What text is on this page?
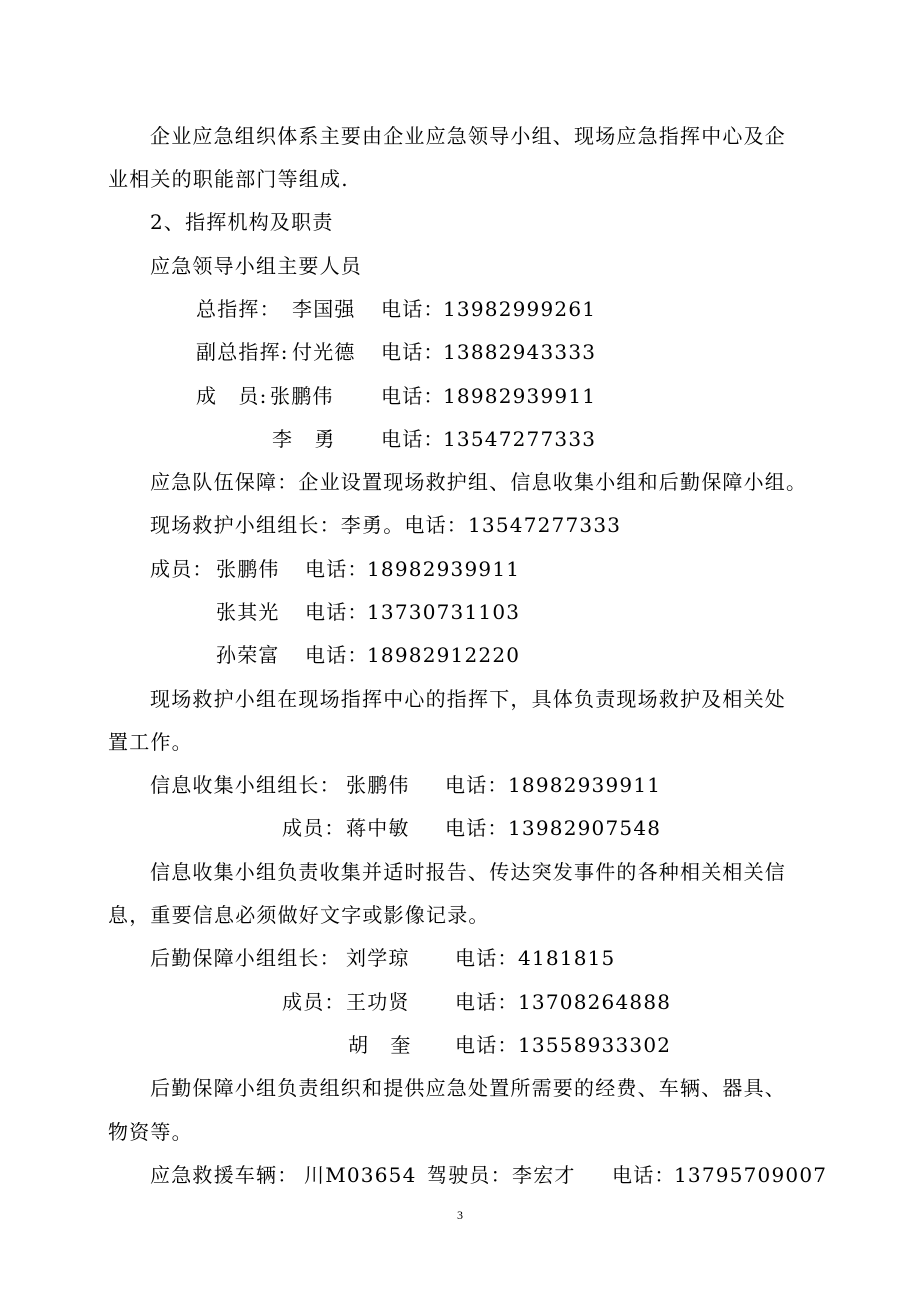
企业应急组织体系主要由企业应急领导小组、现场应急指挥中心及企
业相关的职能部门等组成.
2、指挥机构及职责
应急领导小组主要人员
总指挥： 李国强 电话：
13982999261
副总指挥: 付光德 电话：
13882943333
成　员: 张鹏伟 电话：
18982939911
李　勇 电话：
13547277333
应急队伍保障：企业设置现场救护组、信息收集小组和后勤保障小组。
现场救护小组组长：李勇。电话：13547277333
成员： 张鹏伟 电话：
18982939911
张其光 电话：
13730731103
孙荣富 电话：
18982912220
现场救护小组在现场指挥中心的指挥下，具体负责现场救护及相关处
置工作。
信息收集小组组长： 张鹏伟 电话： 18982939911
成员： 蒋中敏 电话： 13982907548
信息收集小组负责收集并适时报告、传达突发事件的各种相关相关信
息，重要信息必须做好文字或影像记录。
后勤保障小组组长： 刘学琼 电话： 4181815
成员： 王功贤 电话： 13708264888
胡　奎 电话： 13558933302
后勤保障小组负责组织和提供应急处置所需要的经费、车辆、器具、
物资等。
应急救援车辆： 川M03654 驾驶员： 李宏才 电话：
13795709007
3
